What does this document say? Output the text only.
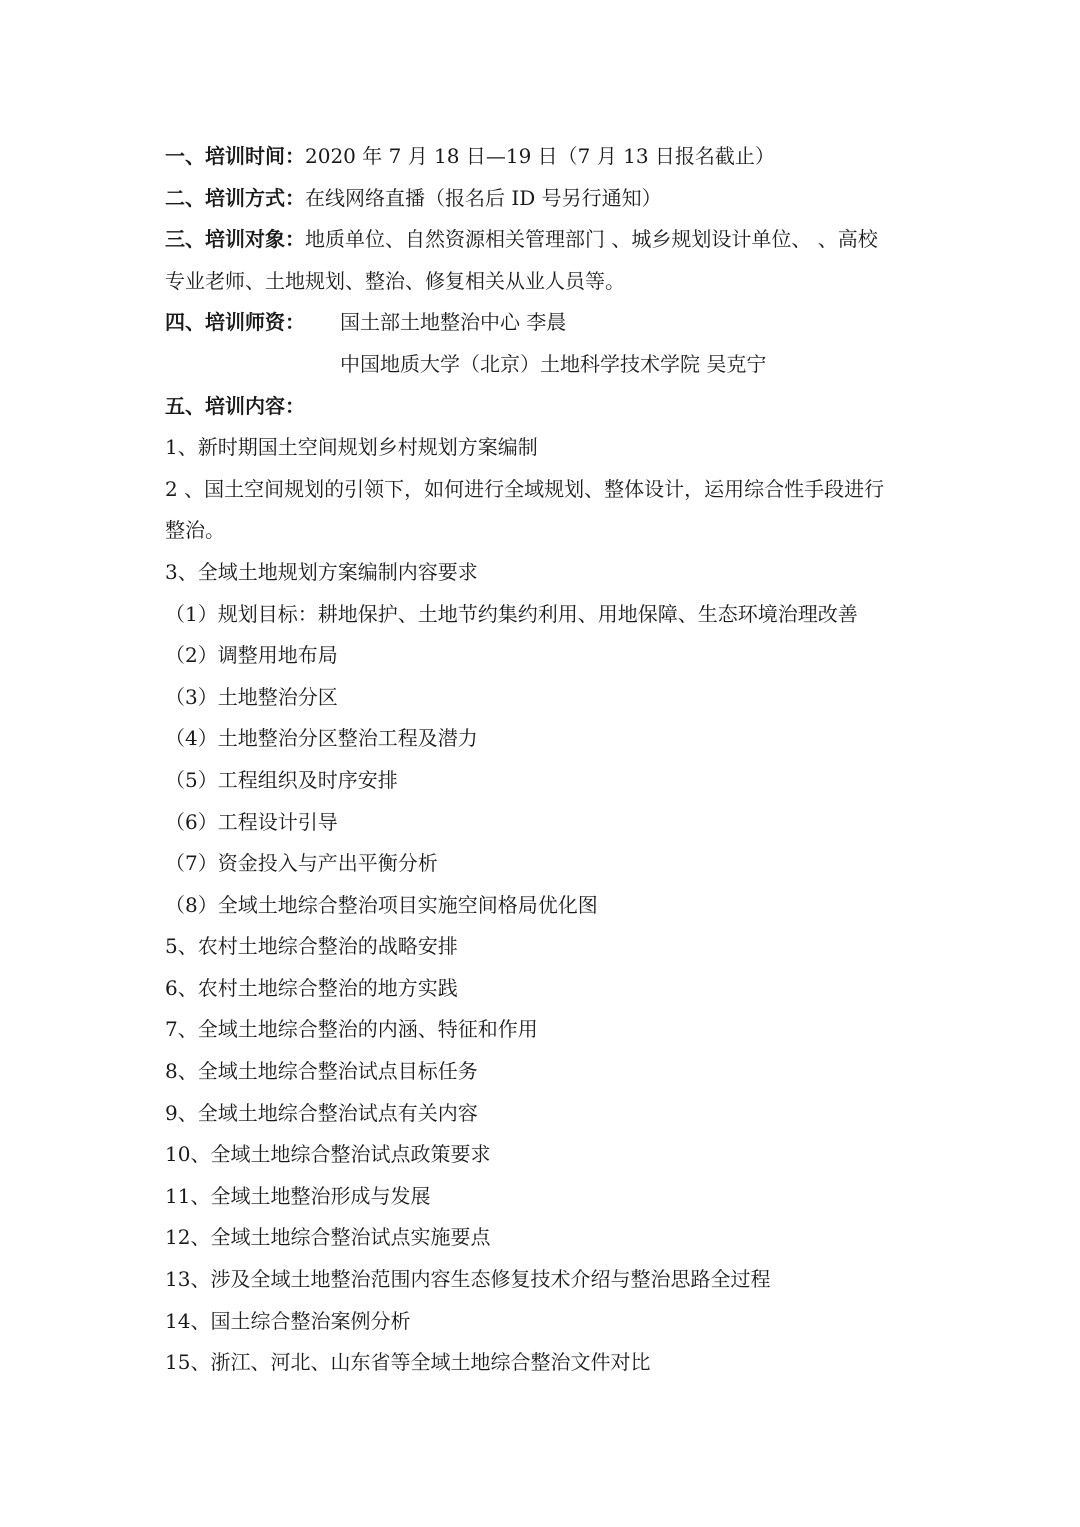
一、培训时间：2020 年 7 月 18 日—19 日（7 月 13 日报名截止）
二、培训方式：在线网络直播（报名后 ID 号另行通知）
三、培训对象：地质单位、自然资源相关管理部门 、城乡规划设计单位、 、高校
专业老师、土地规划、整治、修复相关从业人员等。
四、培训师资： 国土部土地整治中心 李晨
中国地质大学（北京）土地科学技术学院 吴克宁
五、培训内容：
1、新时期国土空间规划乡村规划方案编制
2 、国土空间规划的引领下，如何进行全域规划、整体设计，运用综合性手段进行
整治。
3、全域土地规划方案编制内容要求
（1）规划目标：耕地保护、土地节约集约利用、用地保障、生态环境治理改善
（2）调整用地布局
（3）土地整治分区
（4）土地整治分区整治工程及潜力
（5）工程组织及时序安排
（6）工程设计引导
（7）资金投入与产出平衡分析
（8）全域土地综合整治项目实施空间格局优化图
5、农村土地综合整治的战略安排
6、农村土地综合整治的地方实践
7、全域土地综合整治的内涵、特征和作用
8、全域土地综合整治试点目标任务
9、全域土地综合整治试点有关内容
10、全域土地综合整治试点政策要求
11、全域土地整治形成与发展
12、全域土地综合整治试点实施要点
13、涉及全域土地整治范围内容生态修复技术介绍与整治思路全过程
14、国土综合整治案例分析
15、浙江、河北、山东省等全域土地综合整治文件对比
